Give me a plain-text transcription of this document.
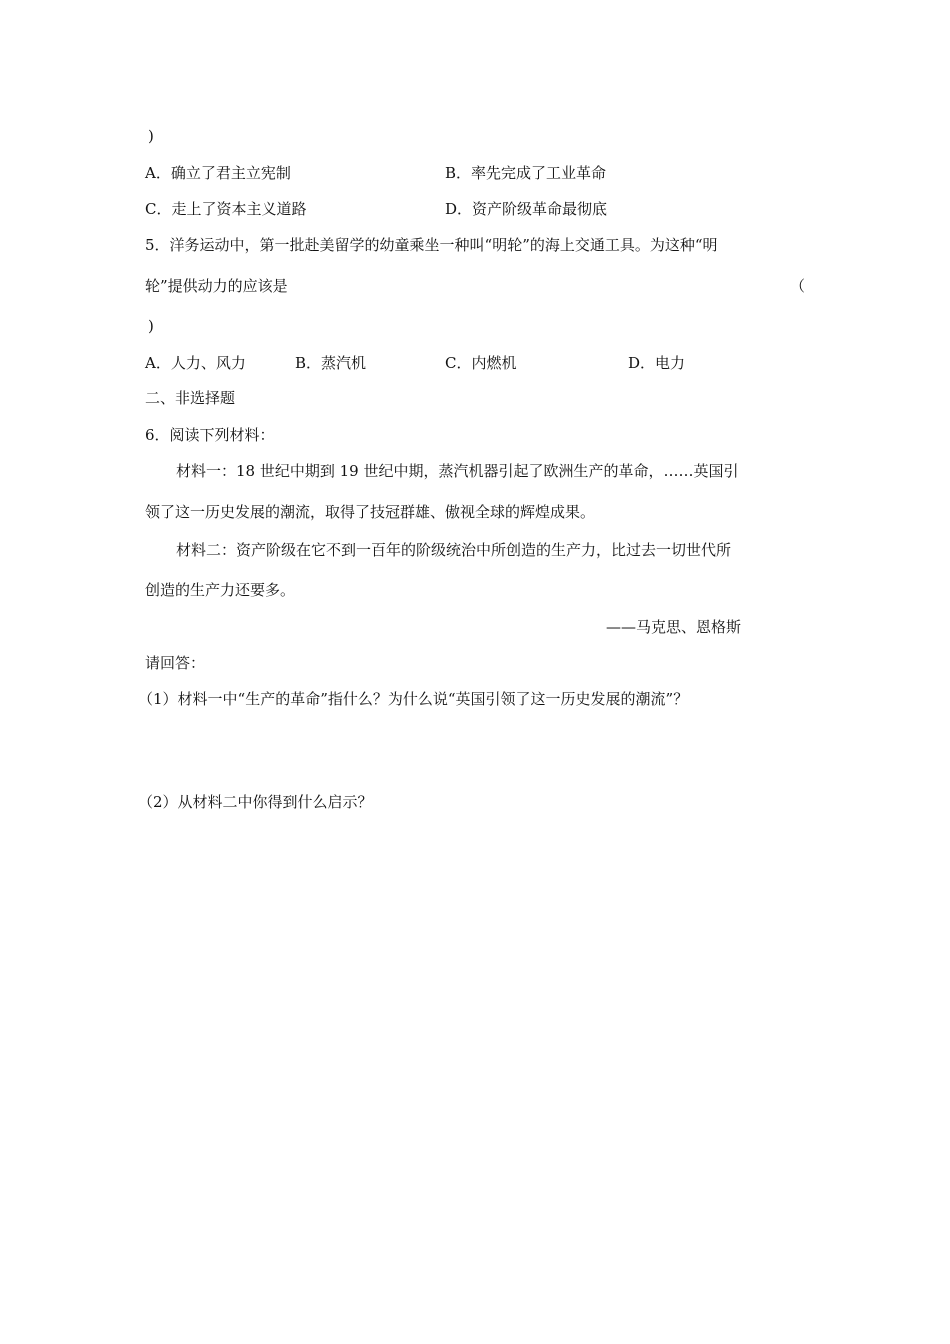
)
A．确立了君主立宪制	B．率先完成了工业革命
C．走上了资本主义道路	D．资产阶级革命最彻底
5．洋务运动中，第一批赴美留学的幼童乘坐一种叫“明轮”的海上交通工具。为这种“明
轮”提供动力的应该是	（
)
A．人力、风力	B．蒸汽机	C．内燃机	D．电力
二、非选择题
6．阅读下列材料：
材料一：18 世纪中期到 19 世纪中期，蒸汽机器引起了欧洲生产的革命，……英国引
领了这一历史发展的潮流，取得了技冠群雄、傲视全球的辉煌成果。
材料二：资产阶级在它不到一百年的阶级统治中所创造的生产力，比过去一切世代所
创造的生产力还要多。
——马克思、恩格斯
请回答：
（1）材料一中“生产的革命”指什么？为什么说“英国引领了这一历史发展的潮流”？
（2）从材料二中你得到什么启示？
